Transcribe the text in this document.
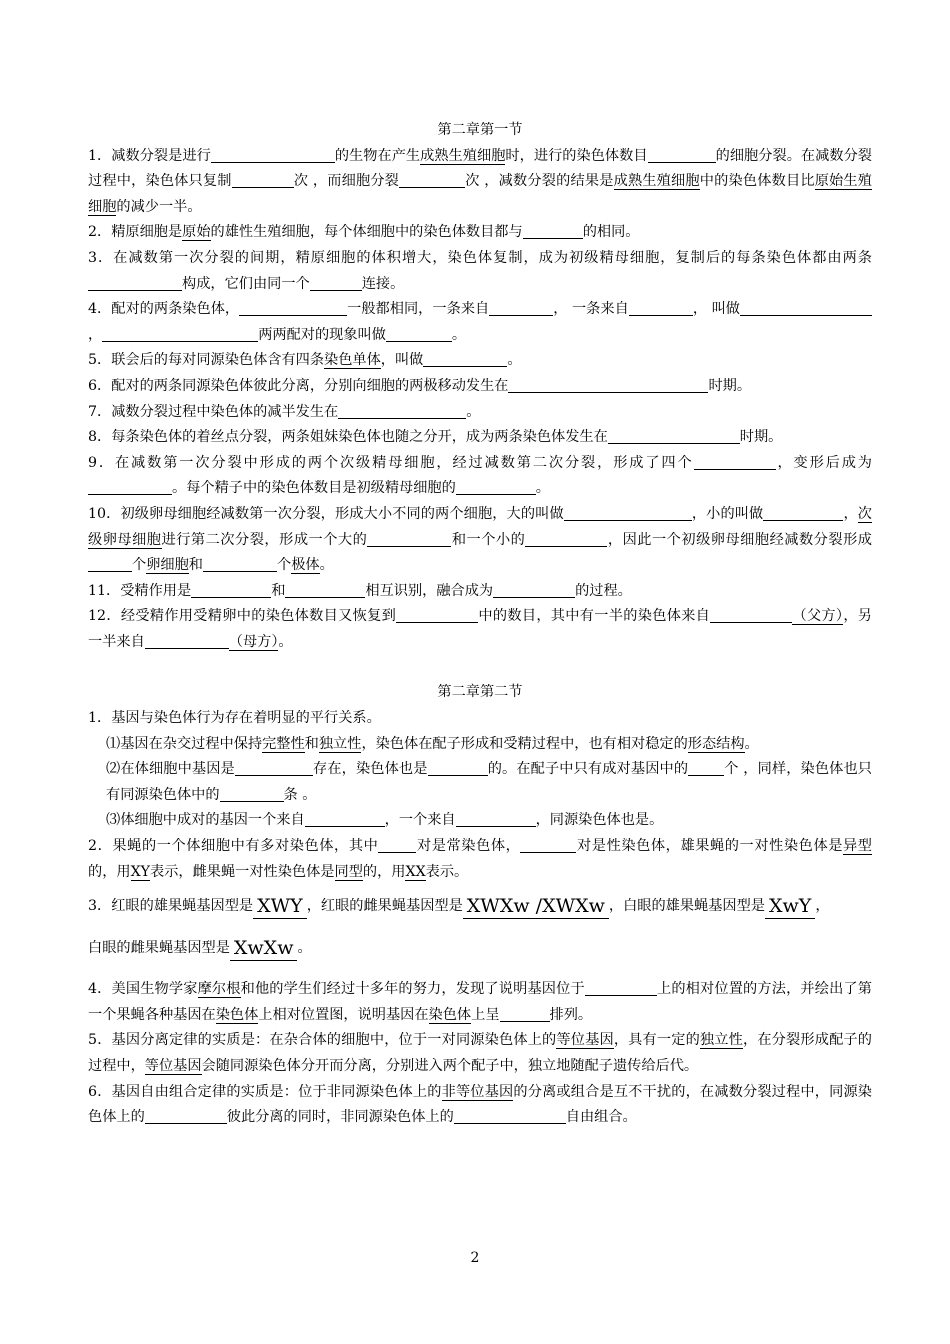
第二章第一节

1．减数分裂是进行	的生物在产生成熟生殖细胞时，进行的染色体数目	的细胞分裂。在减数分裂过程中，染色体只复制	次 ，而细胞分裂	次 ，减数分裂的结果是成熟生殖细胞中的染色体数目比原始生殖细胞的减少一半。

2．精原细胞是原始的雄性生殖细胞，每个体细胞中的染色体数目都与	的相同。

3．在减数第一次分裂的间期，精原细胞的体积增大，染色体复制，成为初级精母细胞，复制后的每条染色体都由两条构成，它们由同一个	连接。

4．配对的两条染色体，	一般都相同，一条来自	， 一条来自	， 叫做，	两两配对的现象叫做	。

5．联会后的每对同源染色体含有四条染色单体，叫做	。

6．配对的两条同源染色体彼此分离，分别向细胞的两极移动发生在	时期。

7．减数分裂过程中染色体的减半发生在	。

8．每条染色体的着丝点分裂，两条姐妹染色体也随之分开，成为两条染色体发生在	时期。

9．在减数第一次分裂中形成的两个次级精母细胞，经过减数第二次分裂，形成了四个	，变形后成为。每个精子中的染色体数目是初级精母细胞的	。

10．初级卵母细胞经减数第一次分裂，形成大小不同的两个细胞，大的叫做	，小的叫做	，次级卵母细胞进行第二次分裂，形成一个大的	和一个小的	，因此一个初级卵母细胞经减数分裂形成个卵细胞和	个极体。

11．受精作用是	和	相互识别，融合成为	的过程。

12．经受精作用受精卵中的染色体数目又恢复到	中的数目，其中有一半的染色体来自	（父方），另一半来自	（母方）。

第二章第二节

1．基因与染色体行为存在着明显的平行关系。

⑴基因在杂交过程中保持完整性和独立性，染色体在配子形成和受精过程中，也有相对稳定的形态结构。

⑵在体细胞中基因是	存在，染色体也是	的。在配子中只有成对基因中的	个 ，同样，染色体也只有同源染色体中的	条 。

⑶体细胞中成对的基因一个来自	，一个来自	，同源染色体也是。

2．果蝇的一个体细胞中有多对染色体，其中	对是常染色体，	对是性染色体，雄果蝇的一对性染色体是异型的，用XY表示，雌果蝇一对性染色体是同型的，用XX表示。

3．红眼的雄果蝇基因型是 XWY ，红眼的雌果蝇基因型是 XWXw /XWXw ，白眼的雄果蝇基因型是 XwY ，

白眼的雌果蝇基因型是 XwXw 。

4．美国生物学家摩尔根和他的学生们经过十多年的努力，发现了说明基因位于	上的相对位置的方法，并绘出了第一个果蝇各种基因在染色体上相对位置图，说明基因在染色体上呈	排列。

5．基因分离定律的实质是：在杂合体的细胞中，位于一对同源染色体上的等位基因，具有一定的独立性，在分裂形成配子的过程中，等位基因会随同源染色体分开而分离，分别进入两个配子中，独立地随配子遗传给后代。

6．基因自由组合定律的实质是：位于非同源染色体上的非等位基因的分离或组合是互不干扰的，在减数分裂过程中，同源染色体上的	彼此分离的同时，非同源染色体上的	自由组合。

2
